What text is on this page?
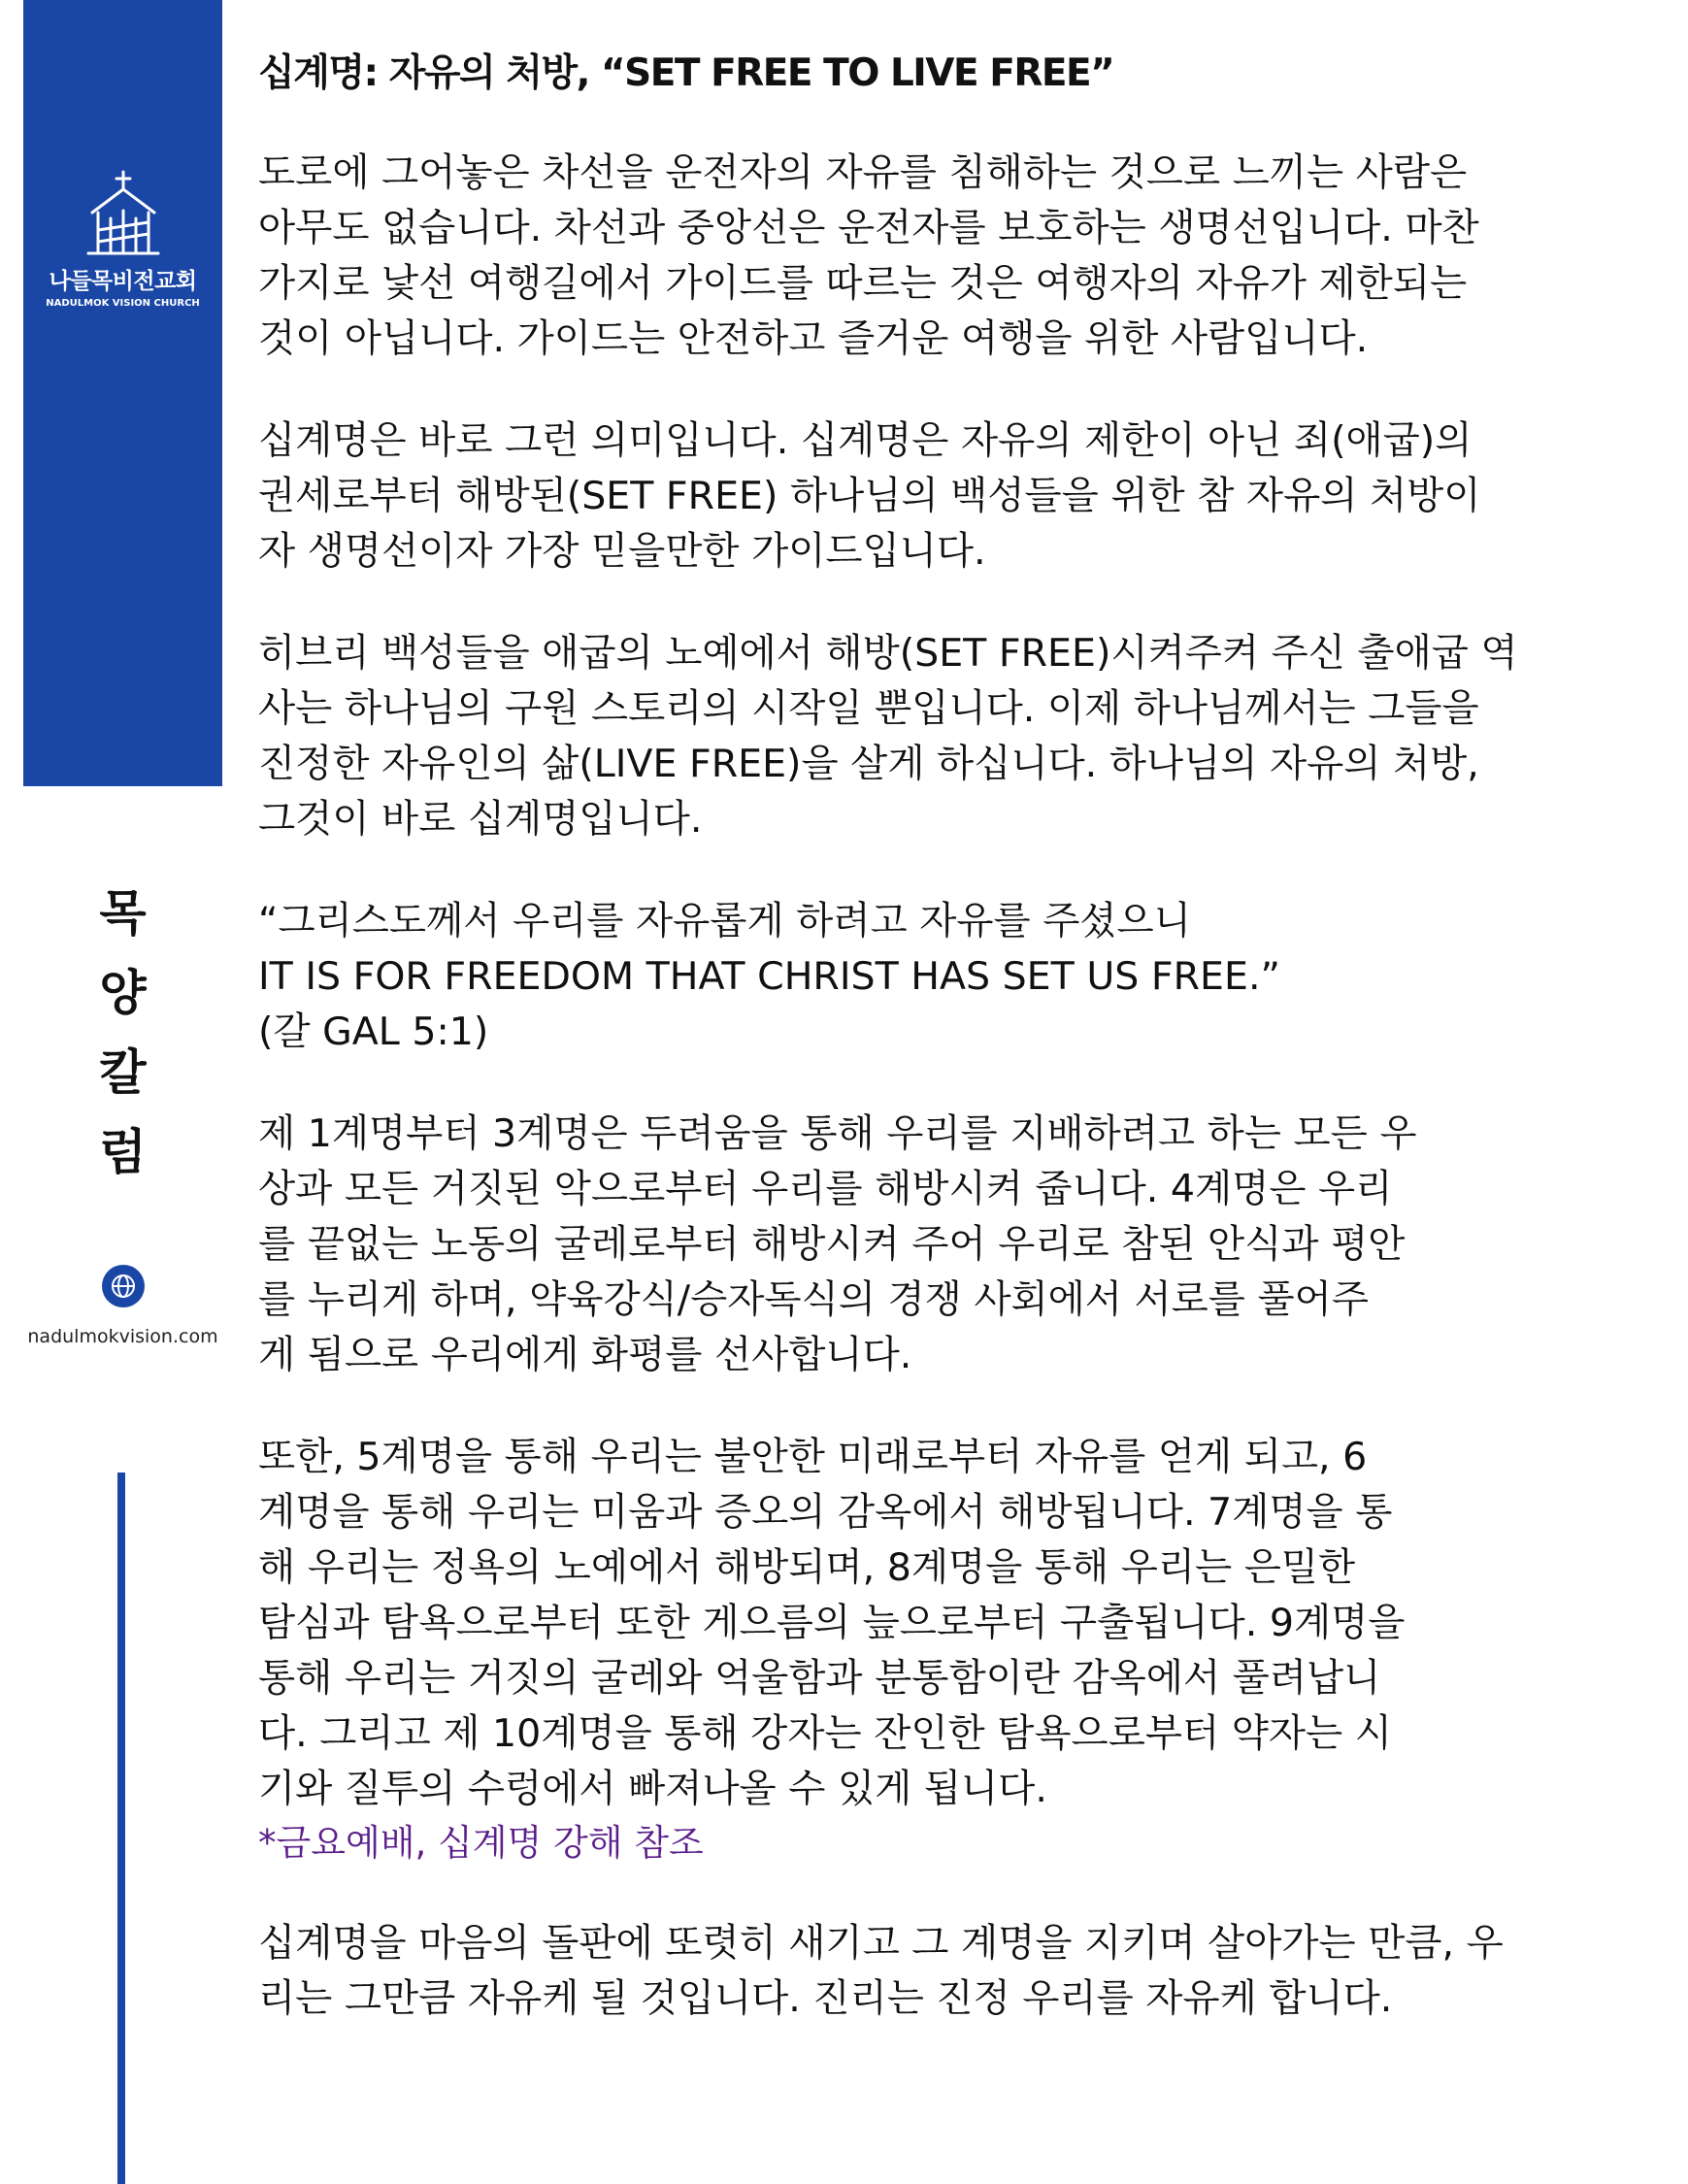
나들목비전교회
NADULMOK VISION CHURCH
목
양
칼
럼
nadulmokvision.com
십계명: 자유의 처방, “SET FREE TO LIVE FREE”
도로에 그어놓은 차선을 운전자의 자유를 침해하는 것으로 느끼는 사람은
아무도 없습니다. 차선과 중앙선은 운전자를 보호하는 생명선입니다. 마찬
가지로 낯선 여행길에서 가이드를 따르는 것은 여행자의 자유가 제한되는
것이 아닙니다. 가이드는 안전하고 즐거운 여행을 위한 사람입니다.
십계명은 바로 그런 의미입니다. 십계명은 자유의 제한이 아닌 죄(애굽)의
권세로부터 해방된(SET FREE) 하나님의 백성들을 위한 참 자유의 처방이
자 생명선이자 가장 믿을만한 가이드입니다.
히브리 백성들을 애굽의 노예에서 해방(SET FREE)시켜주켜 주신 출애굽 역
사는 하나님의 구원 스토리의 시작일 뿐입니다. 이제 하나님께서는 그들을
진정한 자유인의 삶(LIVE FREE)을 살게 하십니다. 하나님의 자유의 처방,
그것이 바로 십계명입니다.
“그리스도께서 우리를 자유롭게 하려고 자유를 주셨으니
IT IS FOR FREEDOM THAT CHRIST HAS SET US FREE.”
(갈 GAL 5:1)
제 1계명부터 3계명은 두려움을 통해 우리를 지배하려고 하는 모든 우
상과 모든 거짓된 악으로부터 우리를 해방시켜 줍니다. 4계명은 우리
를 끝없는 노동의 굴레로부터 해방시켜 주어 우리로 참된 안식과 평안
를 누리게 하며, 약육강식/승자독식의 경쟁 사회에서 서로를 풀어주
게 됨으로 우리에게 화평를 선사합니다.
또한, 5계명을 통해 우리는 불안한 미래로부터 자유를 얻게 되고, 6
계명을 통해 우리는 미움과 증오의 감옥에서 해방됩니다. 7계명을 통
해 우리는 정욕의 노예에서 해방되며, 8계명을 통해 우리는 은밀한
탐심과 탐욕으로부터 또한 게으름의 늪으로부터 구출됩니다. 9계명을
통해 우리는 거짓의 굴레와 억울함과 분통함이란 감옥에서 풀려납니
다. 그리고 제 10계명을 통해 강자는 잔인한 탐욕으로부터 약자는 시
기와 질투의 수렁에서 빠져나올 수 있게 됩니다.
*금요예배, 십계명 강해 참조
십계명을 마음의 돌판에 또렷히 새기고 그 계명을 지키며 살아가는 만큼, 우
리는 그만큼 자유케 될 것입니다. 진리는 진정 우리를 자유케 합니다.
